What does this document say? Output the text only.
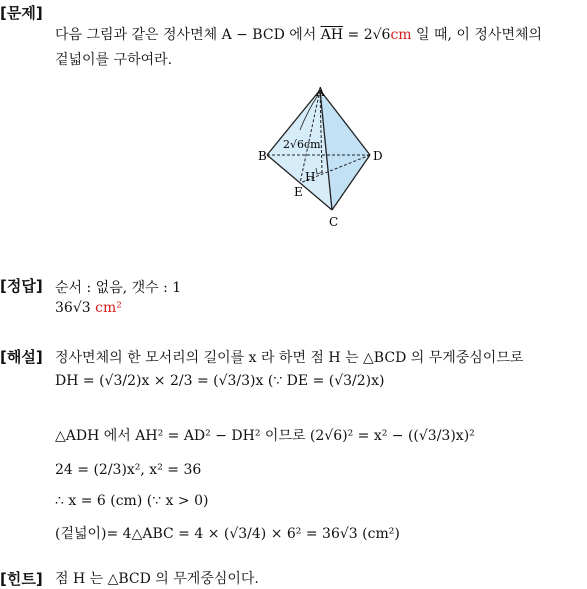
[문제]
다음 그림과 같은 정사면체 A − BCD 에서 $\overline{AH} = 2√6cm$ 일 때, 이 정사면체의
겉넓이를 구하여라.
A
B
C
D
E
H
2√6cm
[정답] 순서 : 없음, 갯수 : 1
36√3 cm²
[해설] 정사면체의 한 모서리의 길이를 x 라 하면 점 H 는 △BCD 의 무게중심이므로
DH = (√3/2)x × 2/3 = (√3/3)x (∵ DE = (√3/2)x)
△ADH 에서 AH² = AD² − DH² 이므로 (2√6)² = x² − ((√3/3)x)²
24 = (2/3)x², x² = 36
∴ x = 6 (cm) (∵ x > 0)
(겉넓이)= 4△ABC = 4 × (√3/4) × 6² = 36√3 (cm²)
[힌트] 점 H 는 △BCD 의 무게중심이다.
